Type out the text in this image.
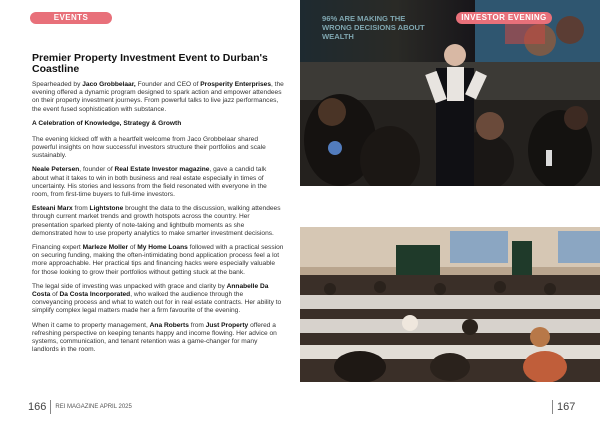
EVENTS
Premier Property Investment Event to Durban's Coastline

Spearheaded by Jaco Grobbelaar, Founder and CEO of Prosperity Enterprises, the evening offered a dynamic program designed to spark action and empower attendees on their property investment journeys. From powerful talks to live jazz performances, the event fused sophistication with substance.

A Celebration of Knowledge, Strategy & Growth

The evening kicked off with a heartfelt welcome from Jaco Grobbelaar shared powerful insights on how successful investors structure their portfolios and scale sustainably.

Neale Petersen, founder of Real Estate Investor magazine, gave a candid talk about what it takes to win in both business and real estate especially in times of uncertainty. His stories and lessons from the field resonated with everyone in the room, from first-time buyers to full-time investors.

Esteani Marx from Lightstone brought the data to the discussion, walking attendees through current market trends and growth hotspots across the country. Her presentation sparked plenty of note-taking and lightbulb moments as she demonstrated how to use property analytics to make smarter investment decisions.

Financing expert Marleze Moller of My Home Loans followed with a practical session on securing funding, making the often-intimidating bond application process feel a lot more approachable. Her practical tips and financing hacks were especially valuable for those looking to grow their portfolios without getting stuck at the bank.

The legal side of investing was unpacked with grace and clarity by Annabelle Da Costa of Da Costa Incorporated, who walked the audience through the conveyancing process and what to watch out for in real estate contracts. Her ability to simplify complex legal matters made her a firm favourite of the evening.

When it came to property management, Ana Roberts from Just Property offered a refreshing perspective on keeping tenants happy and income flowing. Her advice on systems, communication, and tenant retention was a game-changer for many landlords in the room.

166 REI MAGAZINE APRIL 2025
96% ARE MAKING THE WRONG DECISIONS ABOUT WEALTH
INVESTOR EVENING
167
